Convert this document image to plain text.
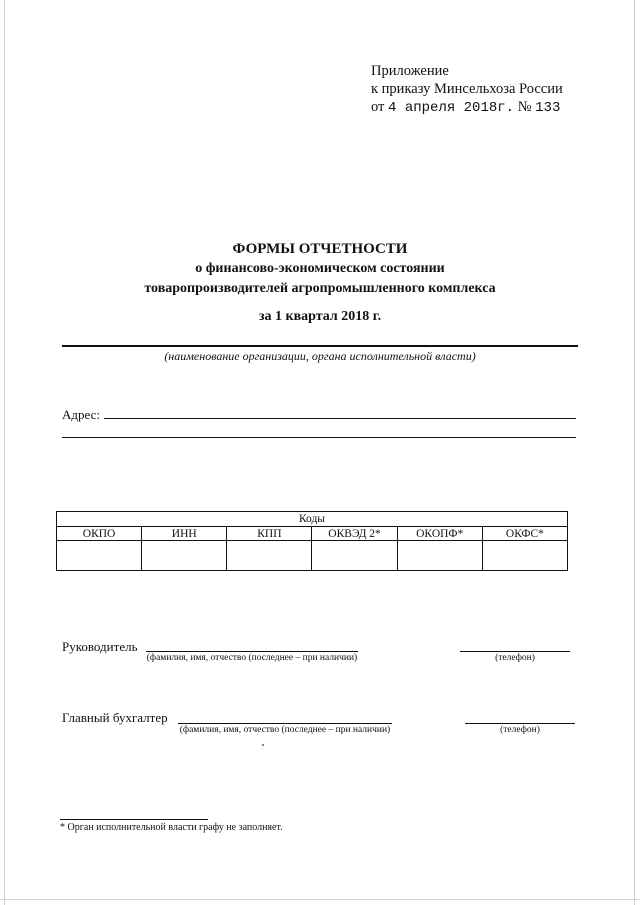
Приложение
к приказу Минсельхоза России
от 4 апреля 2018г. № 133
ФОРМЫ ОТЧЕТНОСТИ
о финансово-экономическом состоянии
товаропроизводителей агропромышленного комплекса
за 1 квартал 2018 г.
(наименование организации, органа исполнительной власти)
Адрес:
Коды					
ОКПО	ИНН	КПП	ОКВЭД 2*	ОКОПФ*	ОКФС*

Руководитель
(фамилия, имя, отчество (последнее – при наличии)	(телефон)
Главный бухгалтер
(фамилия, имя, отчество (последнее – при наличии)	(телефон)
* Орган исполнительной власти графу не заполняет.
